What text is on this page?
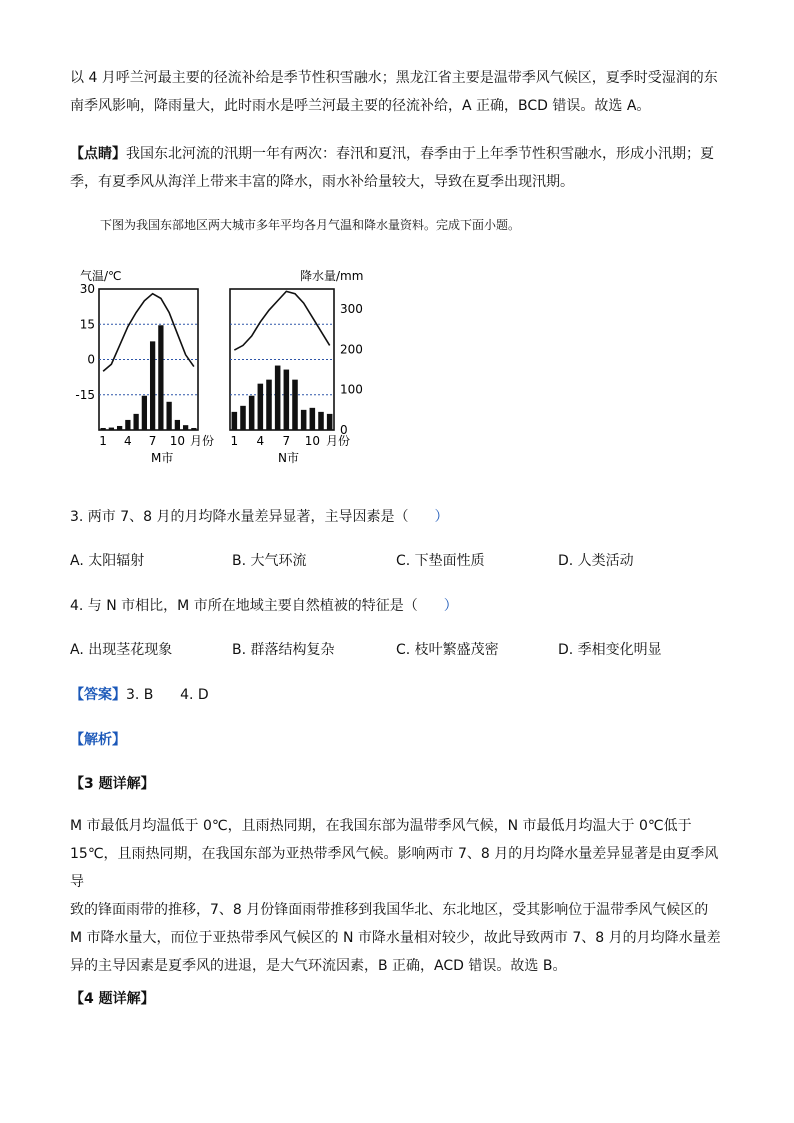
以 4 月呼兰河最主要的径流补给是季节性积雪融水；黑龙江省主要是温带季风气候区，夏季时受湿润的东
南季风影响，降雨量大，此时雨水是呼兰河最主要的径流补给，A 正确，BCD 错误。故选 A。
【点睛】我国东北河流的汛期一年有两次：春汛和夏汛，春季由于上年季节性积雪融水，形成小汛期；夏
季，有夏季风从海洋上带来丰富的降水，雨水补给量较大，导致在夏季出现汛期。
下图为我国东部地区两大城市多年平均各月气温和降水量资料。完成下面小题。
气温/℃
30
15
0
-15
1 4 7 10 月份
M市
降水量/mm
300
200
100
0
1 4 7 10 月份
N市
3. 两市 7、8 月的月均降水量差异显著，主导因素是（ ）
A. 太阳辐射	B. 大气环流	C. 下垫面性质	D. 人类活动
4. 与 N 市相比，M 市所在地域主要自然植被的特征是（ ）
A. 出现茎花现象	B. 群落结构复杂	C. 枝叶繁盛茂密	D. 季相变化明显
【答案】3. B      4. D
【解析】
【3 题详解】
M 市最低月均温低于 0℃，且雨热同期，在我国东部为温带季风气候，N 市最低月均温大于 0℃低于
15℃，且雨热同期，在我国东部为亚热带季风气候。影响两市 7、8 月的月均降水量差异显著是由夏季风导
致的锋面雨带的推移，7、8 月份锋面雨带推移到我国华北、东北地区，受其影响位于温带季风气候区的
M 市降水量大，而位于亚热带季风气候区的 N 市降水量相对较少，故此导致两市 7、8 月的月均降水量差
异的主导因素是夏季风的进退，是大气环流因素，B 正确，ACD 错误。故选 B。
【4 题详解】
